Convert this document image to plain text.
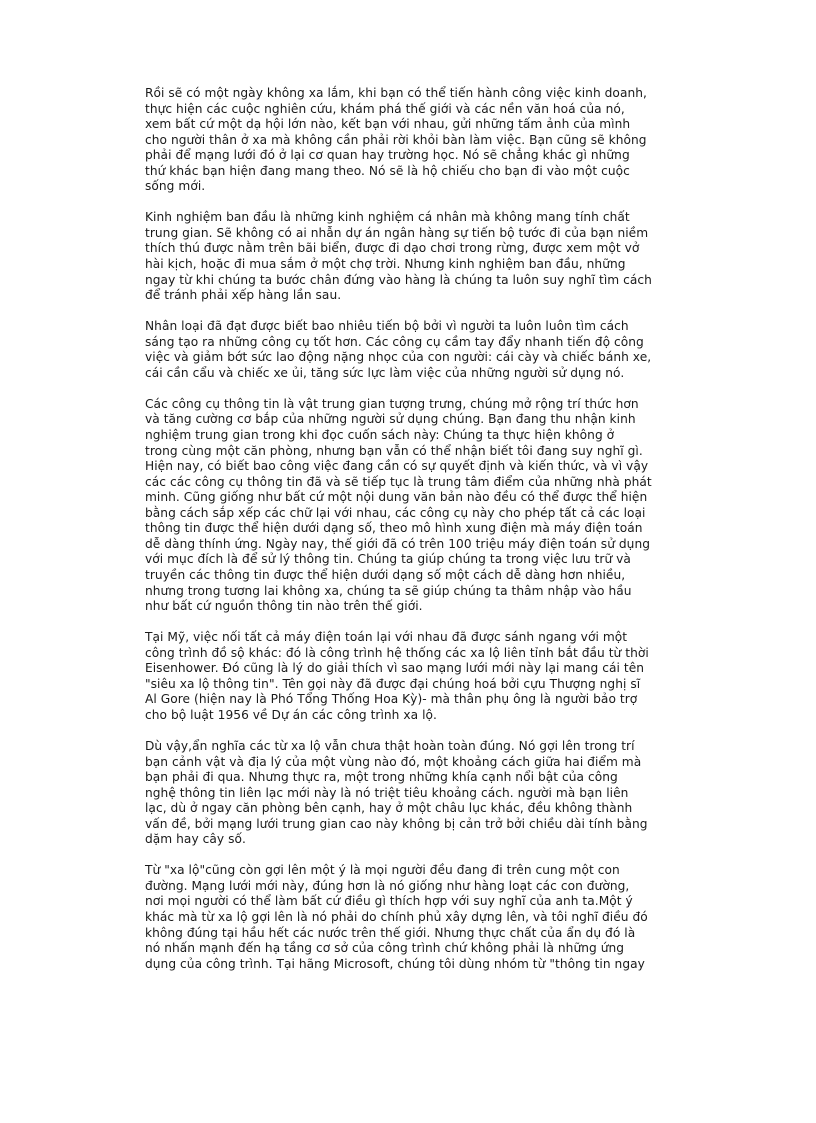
Rồi sẽ có một ngày không xa lắm, khi bạn có thể tiến hành công việc kinh doanh,
thực hiện các cuộc nghiên cứu, khám phá thế giới và các nền văn hoá của nó,
xem bất cứ một dạ hội lớn nào, kết bạn với nhau, gửi những tấm ảnh của mình
cho người thân ở xa mà không cần phải rời khỏi bàn làm việc. Bạn cũng sẽ không
phải để mạng lưới đó ở lại cơ quan hay trường học. Nó sẽ chẳng khác gì những
thứ khác bạn hiện đang mang theo. Nó sẽ là hộ chiếu cho bạn đi vào một cuộc
sống mới.

Kinh nghiệm ban đầu là những kinh nghiệm cá nhân mà không mang tính chất
trung gian. Sẽ không có ai nhẫn dự án ngân hàng sự tiến bộ tước đi của bạn niềm
thích thú được nằm trên bãi biển, được đi dạo chơi trong rừng, được xem một vở
hài kịch, hoặc đi mua sắm ở một chợ trời. Nhưng kinh nghiệm ban đầu, những
ngay từ khi chúng ta bước chân đứng vào hàng là chúng ta luôn suy nghĩ tìm cách
để tránh phải xếp hàng lần sau.

Nhân loại đã đạt được biết bao nhiêu tiến bộ bởi vì người ta luôn luôn tìm cách
sáng tạo ra những công cụ tốt hơn. Các công cụ cầm tay đẩy nhanh tiến độ công
việc và giảm bớt sức lao động nặng nhọc của con người: cái cày và chiếc bánh xe,
cái cần cẩu và chiếc xe ủi, tăng sức lực làm việc của những người sử dụng nó.

Các công cụ thông tin là vật trung gian tượng trưng, chúng mở rộng trí thức hơn
và tăng cường cơ bắp của những người sử dụng chúng. Bạn đang thu nhận kinh
nghiệm trung gian trong khi đọc cuốn sách này: Chúng ta thực hiện không ở
trong cùng một căn phòng, nhưng bạn vẫn có thể nhận biết tôi đang suy nghĩ gì.
Hiện nay, có biết bao công việc đang cần có sự quyết định và kiến thức, và vì vậy
các các công cụ thông tin đã và sẽ tiếp tục là trung tâm điểm của những nhà phát
minh. Cũng giống như bất cứ một nội dung văn bản nào đều có thể được thể hiện
bằng cách sắp xếp các chữ lại với nhau, các công cụ này cho phép tất cả các loại
thông tin được thể hiện dưới dạng số, theo mô hình xung điện mà máy điện toán
dễ dàng thính ứng. Ngày nay, thế giới đã có trên 100 triệu máy điện toán sử dụng
với mục đích là để sử lý thông tin. Chúng ta giúp chúng ta trong việc lưu trữ và
truyền các thông tin được thể hiện dưới dạng số một cách dễ dàng hơn nhiều,
nhưng trong tương lai không xa, chúng ta sẽ giúp chúng ta thâm nhập vào hầu
như bất cứ nguồn thông tin nào trên thế giới.

Tại Mỹ, việc nối tất cả máy điện toán lại với nhau đã được sánh ngang với một
công trình đồ sộ khác: đó là công trình hệ thống các xa lộ liên tỉnh bắt đầu từ thời
Eisenhower. Đó cũng là lý do giải thích vì sao mạng lưới mới này lại mang cái tên
"siêu xa lộ thông tin". Tên gọi này đã được đại chúng hoá bởi cựu Thượng nghị sĩ
Al Gore (hiện nay là Phó Tổng Thống Hoa Kỳ)- mà thân phụ ông là người bảo trợ
cho bộ luật 1956 về Dự án các công trình xa lộ.

Dù vậy,ẩn nghĩa các từ xa lộ vẫn chưa thật hoàn toàn đúng. Nó gợi lên trong trí
bạn cảnh vật và địa lý của một vùng nào đó, một khoảng cách giữa hai điểm mà
bạn phải đi qua. Nhưng thực ra, một trong những khía cạnh nổi bật của công
nghệ thông tin liên lạc mới này là nó triệt tiêu khoảng cách. người mà bạn liên
lạc, dù ở ngay căn phòng bên cạnh, hay ở một châu lục khác, đều không thành
vấn đề, bởi mạng lưới trung gian cao này không bị cản trở bởi chiều dài tính bằng
dặm hay cây số.

Từ "xa lộ"cũng còn gợi lên một ý là mọi người đều đang đi trên cung một con
đường. Mạng lưới mới này, đúng hơn là nó giống như hàng loạt các con đường,
nơi mọi người có thể làm bất cứ điều gì thích hợp với suy nghĩ của anh ta.Một ý
khác mà từ xa lộ gợi lên là nó phải do chính phủ xây dựng lên, và tôi nghĩ điều đó
không đúng tại hầu hết các nước trên thế giới. Nhưng thực chất của ẩn dụ đó là
nó nhấn mạnh đến hạ tầng cơ sở của công trình chứ không phải là những ứng
dụng của công trình. Tại hãng Microsoft, chúng tôi dùng nhóm từ "thông tin ngay
